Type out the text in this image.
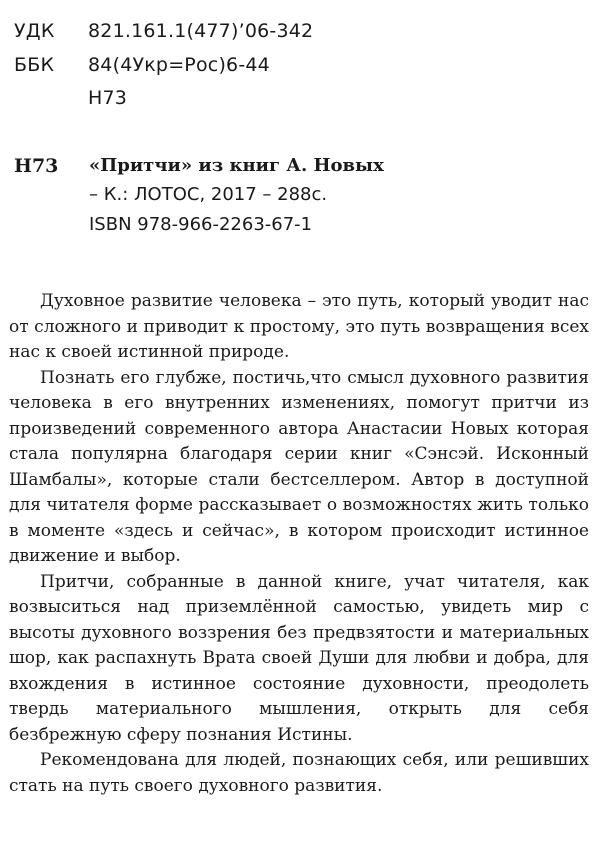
УДК 821.161.1(477)’06-342
ББК 84(4Укр=Рос)6-44
Н73
Н73 «Притчи» из книг А. Новых
– К.: ЛОТОС, 2017 – 288с.
ISBN 978-966-2263-67-1

Духовное развитие человека – это путь, который уводит нас от сложного и приводит к простому, это путь возвращения всех нас к своей истинной природе.

Познать его глубже, постичь,что смысл духовного развития человека в его внутренних изменениях, помогут притчи из произведений современного автора Анастасии Новых которая стала популярна благодаря серии книг «Сэнсэй. Исконный Шамбалы», которые стали бестселлером. Автор в доступной для читателя форме рассказывает о возможностях жить только в моменте «здесь и сейчас», в котором происходит истинное движение и выбор.

Притчи, собранные в данной книге, учат читателя, как возвыситься над приземлённой самостью, увидеть мир с высоты духовного воззрения без предвзятости и материальных шор, как распахнуть Врата своей Души для любви и добра, для вхождения в истинное состояние духовности, преодолеть твердь материального мышления, открыть для себя безбрежную сферу познания Истины.

Рекомендована для людей, познающих себя, или решивших стать на путь своего духовного развития.
